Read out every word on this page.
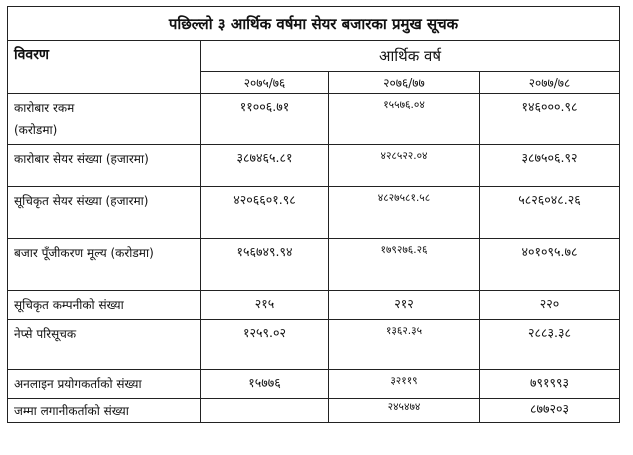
पछिल्लो ३ आर्थिक वर्षमा सेयर बजारका प्रमुख सूचक			
विवरण	आर्थिक वर्ष		
	२०७५/७६	२०७६/७७	२०७७/७८

कारोबार रकम
(करोडमा)	११००६.७१	१५५७६.०४	१४६०००.९८
कारोबार सेयर संख्या (हजारमा)	३८७४६५.८१	४२८५२२.०४	३८७५०६.९२
सूचिकृत सेयर संख्या (हजारमा)	४२०६६०१.९८	४८२७५८१.५८	५८२६०४८.२६
बजार पूँजीकरण मूल्य (करोडमा)	१५६७४९.९४	१७९२७६.२६	४०१०९५.७८
सूचिकृत कम्पनीको संख्या	२१५	२१२	२२०
नेप्से परिसूचक	१२५९.०२	१३६२.३५	२८८३.३८
अनलाइन प्रयोगकर्ताको संख्या	१५७७६	३२११९	७९१९९३
जम्मा लगानीकर्ताको संख्या		२४५४७४	८७७२०३
